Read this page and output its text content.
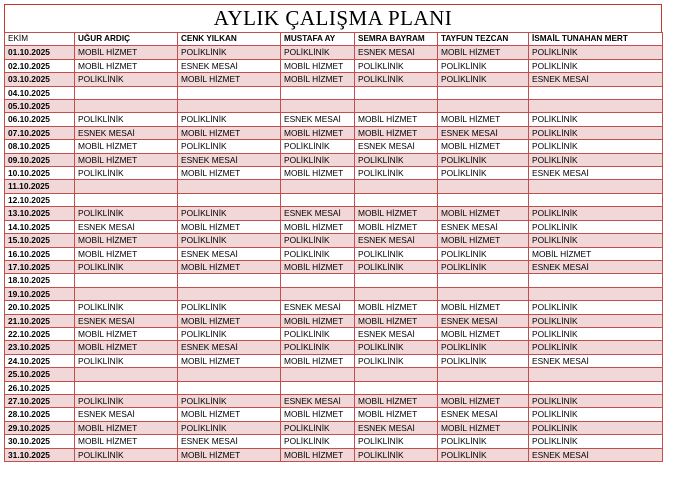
AYLIK ÇALIŞMA PLANI
EKİM	UĞUR ARDIÇ	CENK YILKAN	MUSTAFA AY	SEMRA BAYRAM	TAYFUN TEZCAN	İSMAİL TUNAHAN MERT
01.10.2025	MOBİL HİZMET	POLİKLİNİK	POLİKLİNİK	ESNEK MESAİ	MOBİL HİZMET	POLİKLİNİK
02.10.2025	MOBİL HİZMET	ESNEK MESAİ	MOBİL HİZMET	POLİKLİNİK	POLİKLİNİK	POLİKLİNİK
03.10.2025	POLİKLİNİK	MOBİL HİZMET	MOBİL HİZMET	POLİKLİNİK	POLİKLİNİK	ESNEK MESAİ
04.10.2025						
05.10.2025						
06.10.2025	POLİKLİNİK	POLİKLİNİK	ESNEK MESAİ	MOBİL HİZMET	MOBİL HİZMET	POLİKLİNİK
07.10.2025	ESNEK MESAİ	MOBİL HİZMET	MOBİL HİZMET	MOBİL HİZMET	ESNEK MESAİ	POLİKLİNİK
08.10.2025	MOBİL HİZMET	POLİKLİNİK	POLİKLİNİK	ESNEK MESAİ	MOBİL HİZMET	POLİKLİNİK
09.10.2025	MOBİL HİZMET	ESNEK MESAİ	POLİKLİNİK	POLİKLİNİK	POLİKLİNİK	POLİKLİNİK
10.10.2025	POLİKLİNİK	MOBİL HİZMET	MOBİL HİZMET	POLİKLİNİK	POLİKLİNİK	ESNEK MESAİ
11.10.2025						
12.10.2025						
13.10.2025	POLİKLİNİK	POLİKLİNİK	ESNEK MESAİ	MOBİL HİZMET	MOBİL HİZMET	POLİKLİNİK
14.10.2025	ESNEK MESAİ	MOBİL HİZMET	MOBİL HİZMET	MOBİL HİZMET	ESNEK MESAİ	POLİKLİNİK
15.10.2025	MOBİL HİZMET	POLİKLİNİK	POLİKLİNİK	ESNEK MESAİ	MOBİL HİZMET	POLİKLİNİK
16.10.2025	MOBİL HİZMET	ESNEK MESAİ	POLİKLİNİK	POLİKLİNİK	POLİKLİNİK	MOBİL HİZMET
17.10.2025	POLİKLİNİK	MOBİL HİZMET	MOBİL HİZMET	POLİKLİNİK	POLİKLİNİK	ESNEK MESAİ
18.10.2025						
19.10.2025						
20.10.2025	POLİKLİNİK	POLİKLİNİK	ESNEK MESAİ	MOBİL HİZMET	MOBİL HİZMET	POLİKLİNİK
21.10.2025	ESNEK MESAİ	MOBİL HİZMET	MOBİL HİZMET	MOBİL HİZMET	ESNEK MESAİ	POLİKLİNİK
22.10.2025	MOBİL HİZMET	POLİKLİNİK	POLİKLİNİK	ESNEK MESAİ	MOBİL HİZMET	POLİKLİNİK
23.10.2025	MOBİL HİZMET	ESNEK MESAİ	POLİKLİNİK	POLİKLİNİK	POLİKLİNİK	POLİKLİNİK
24.10.2025	POLİKLİNİK	MOBİL HİZMET	MOBİL HİZMET	POLİKLİNİK	POLİKLİNİK	ESNEK MESAİ
25.10.2025						
26.10.2025						
27.10.2025	POLİKLİNİK	POLİKLİNİK	ESNEK MESAİ	MOBİL HİZMET	MOBİL HİZMET	POLİKLİNİK
28.10.2025	ESNEK MESAİ	MOBİL HİZMET	MOBİL HİZMET	MOBİL HİZMET	ESNEK MESAİ	POLİKLİNİK
29.10.2025	MOBİL HİZMET	POLİKLİNİK	POLİKLİNİK	ESNEK MESAİ	MOBİL HİZMET	POLİKLİNİK
30.10.2025	MOBİL HİZMET	ESNEK MESAİ	POLİKLİNİK	POLİKLİNİK	POLİKLİNİK	POLİKLİNİK
31.10.2025	POLİKLİNİK	MOBİL HİZMET	MOBİL HİZMET	POLİKLİNİK	POLİKLİNİK	ESNEK MESAİ
